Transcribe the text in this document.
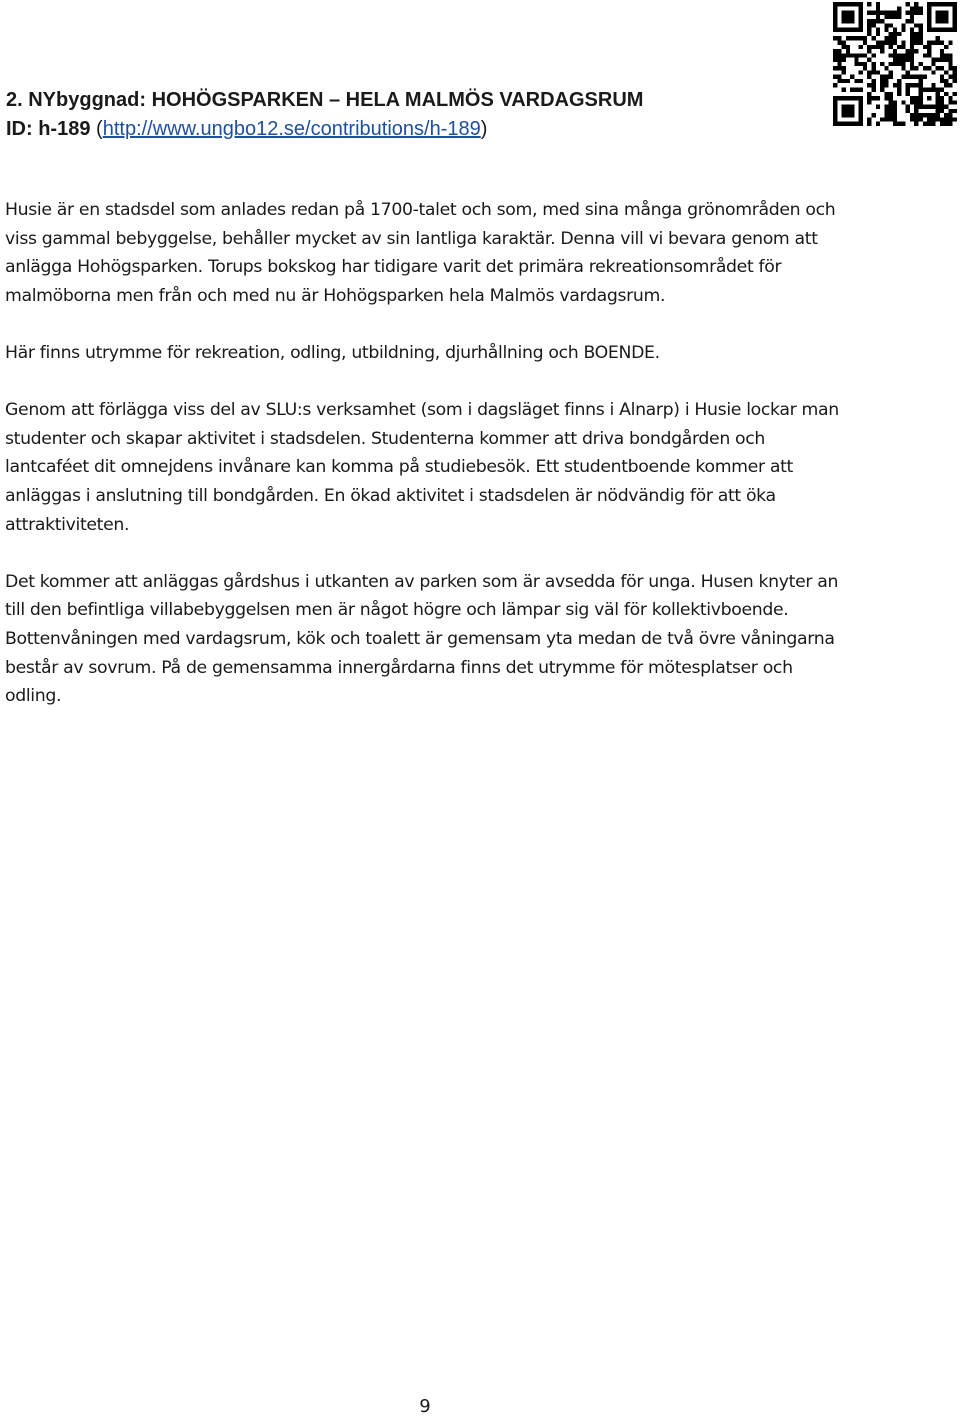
2. NYbyggnad: HOHÖGSPARKEN – HELA MALMÖS VARDAGSRUM
ID: h-189 (http://www.ungbo12.se/contributions/h-189)

Husie är en stadsdel som anlades redan på 1700-talet och som, med sina många grönområden och viss gammal bebyggelse, behåller mycket av sin lantliga karaktär. Denna vill vi bevara genom att anlägga Hohögsparken. Torups bokskog har tidigare varit det primära rekreationsområdet för malmöborna men från och med nu är Hohögsparken hela Malmös vardagsrum.

Här finns utrymme för rekreation, odling, utbildning, djurhållning och BOENDE.

Genom att förlägga viss del av SLU:s verksamhet (som i dagsläget finns i Alnarp) i Husie lockar man studenter och skapar aktivitet i stadsdelen. Studenterna kommer att driva bondgården och lantcaféet dit omnejdens invånare kan komma på studiebesök. Ett studentboende kommer att anläggas i anslutning till bondgården. En ökad aktivitet i stadsdelen är nödvändig för att öka attraktiviteten.

Det kommer att anläggas gårdshus i utkanten av parken som är avsedda för unga. Husen knyter an till den befintliga villabebyggelsen men är något högre och lämpar sig väl för kollektivboende. Bottenvåningen med vardagsrum, kök och toalett är gemensam yta medan de två övre våningarna består av sovrum. På de gemensamma innergårdarna finns det utrymme för mötesplatser och odling.

9
